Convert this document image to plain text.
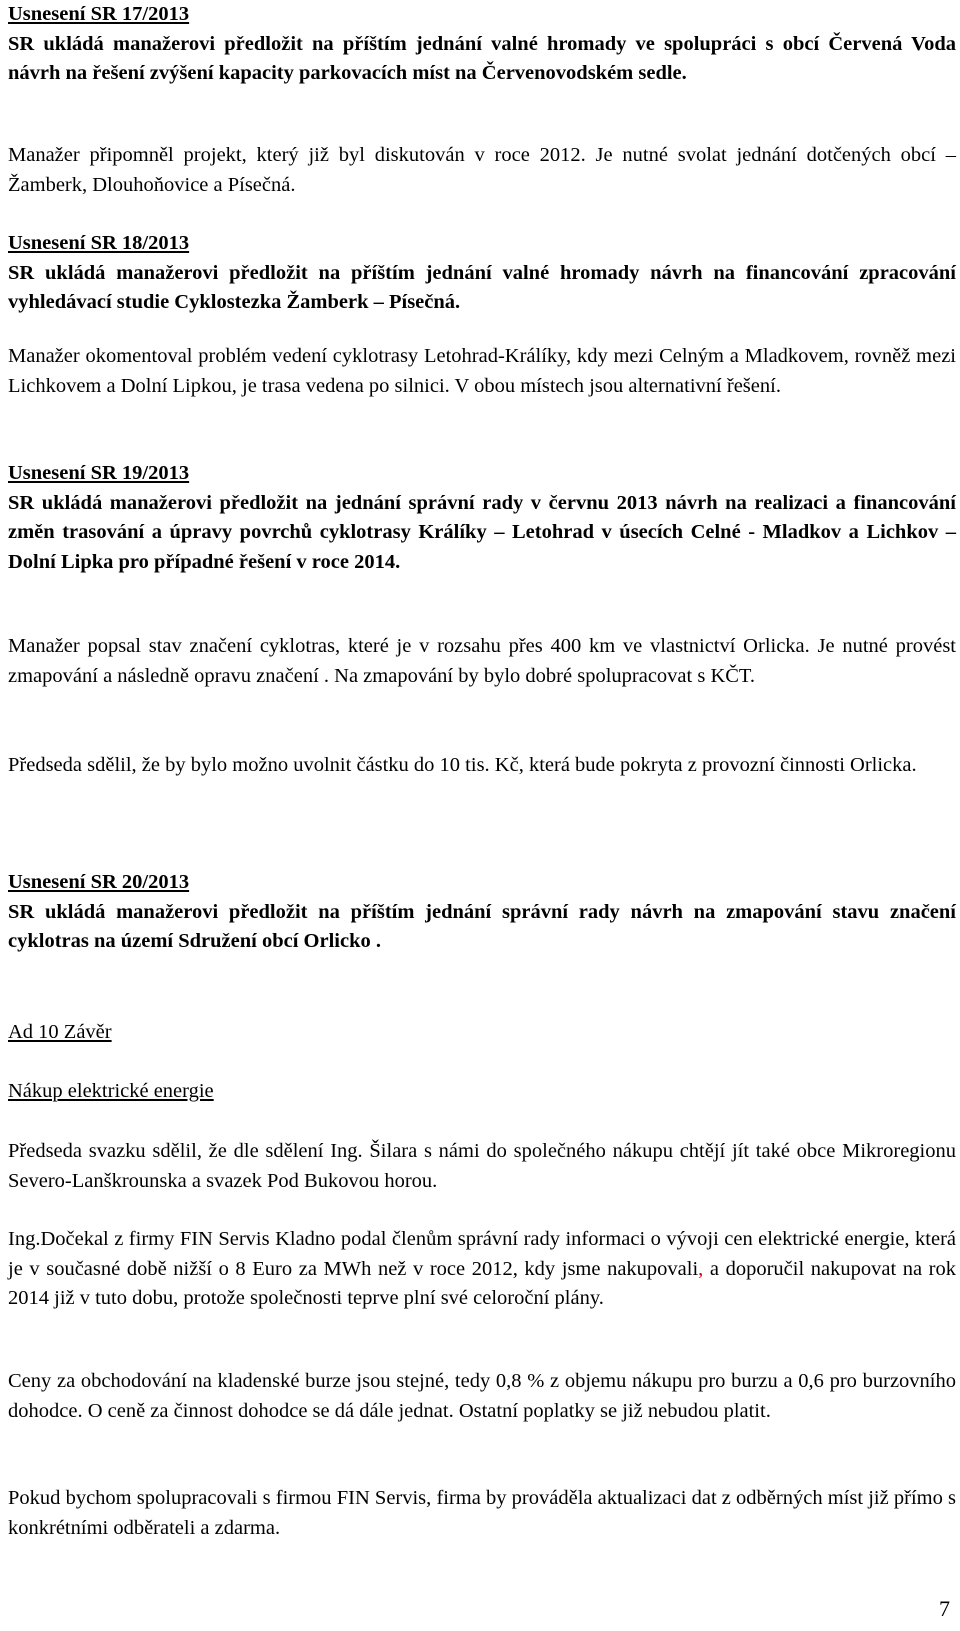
Usnesení SR 17/2013
SR ukládá manažerovi předložit na příštím jednání valné hromady ve spolupráci s obcí Červená Voda návrh na řešení zvýšení kapacity parkovacích míst na Červenovodském sedle.
Manažer připomněl projekt, který již byl diskutován v roce 2012. Je nutné svolat jednání dotčených obcí – Žamberk, Dlouhoňovice a Písečná.
Usnesení SR 18/2013
SR ukládá manažerovi předložit na příštím jednání valné hromady návrh na financování zpracování vyhledávací studie Cyklostezka Žamberk – Písečná.
Manažer okomentoval problém vedení cyklotrasy Letohrad-Králíky, kdy mezi Celným a Mladkovem, rovněž mezi Lichkovem a Dolní Lipkou, je trasa vedena po silnici. V obou místech jsou alternativní řešení.
Usnesení SR 19/2013
SR ukládá manažerovi předložit na jednání správní rady v červnu 2013 návrh na realizaci a financování změn trasování a úpravy povrchů cyklotrasy Králíky – Letohrad v úsecích Celné - Mladkov a Lichkov – Dolní Lipka pro případné řešení v roce 2014.
Manažer popsal stav značení cyklotras, které je v rozsahu přes 400 km ve vlastnictví Orlicka. Je nutné provést zmapování a následně opravu značení . Na zmapování by bylo dobré spolupracovat s KČT.
Předseda sdělil, že by bylo možno uvolnit částku do 10 tis. Kč, která bude pokryta z provozní činnosti Orlicka.
Usnesení SR 20/2013
SR ukládá manažerovi předložit na příštím jednání správní rady návrh na zmapování stavu značení cyklotras na území Sdružení obcí Orlicko .
Ad 10 Závěr
Nákup elektrické energie
Předseda svazku sdělil, že dle sdělení Ing. Šilara s námi do společného nákupu chtějí jít také obce Mikroregionu Severo-Lanškrounska a svazek Pod Bukovou horou.
Ing.Dočekal z firmy FIN Servis Kladno podal členům správní rady informaci o vývoji cen elektrické energie, která je v současné době nižší o 8 Euro za MWh než v roce 2012, kdy jsme nakupovali, a doporučil nakupovat na rok 2014 již v tuto dobu, protože společnosti teprve plní své celoroční plány.
Ceny za obchodování na kladenské burze jsou stejné, tedy 0,8 % z objemu nákupu pro burzu a 0,6 pro burzovního dohodce. O ceně za činnost dohodce se dá dále jednat. Ostatní poplatky se již nebudou platit.
Pokud bychom spolupracovali s firmou FIN Servis, firma by prováděla aktualizaci dat z odběrných míst již přímo s konkrétními odběrateli a zdarma.
7
